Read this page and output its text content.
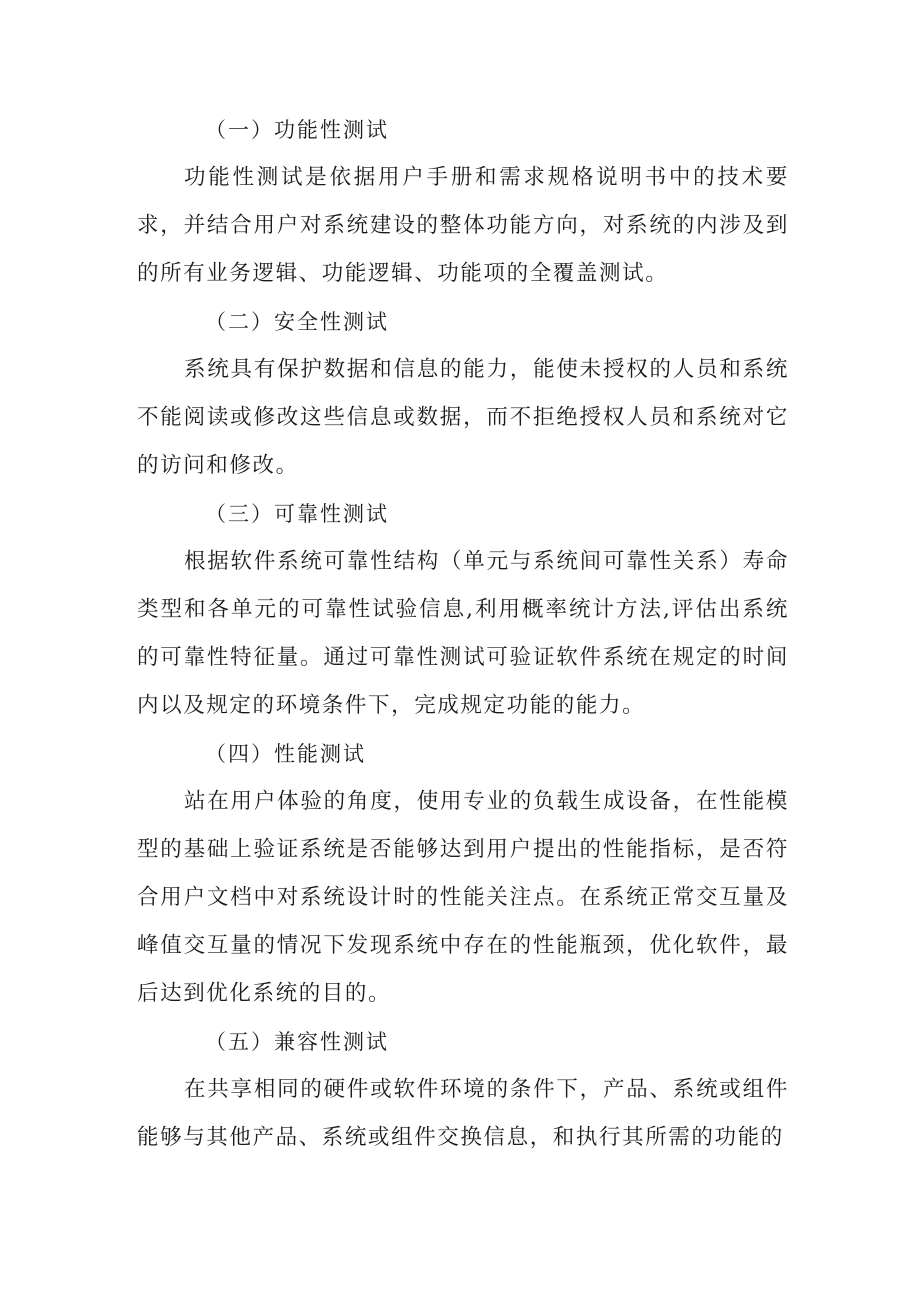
（一）功能性测试

功能性测试是依据用户手册和需求规格说明书中的技术要求，并结合用户对系统建设的整体功能方向，对系统的内涉及到的所有业务逻辑、功能逻辑、功能项的全覆盖测试。

（二）安全性测试

系统具有保护数据和信息的能力，能使未授权的人员和系统不能阅读或修改这些信息或数据，而不拒绝授权人员和系统对它的访问和修改。

（三）可靠性测试

根据软件系统可靠性结构（单元与系统间可靠性关系）寿命类型和各单元的可靠性试验信息,利用概率统计方法,评估出系统的可靠性特征量。通过可靠性测试可验证软件系统在规定的时间内以及规定的环境条件下，完成规定功能的能力。

（四）性能测试

站在用户体验的角度，使用专业的负载生成设备，在性能模型的基础上验证系统是否能够达到用户提出的性能指标，是否符合用户文档中对系统设计时的性能关注点。在系统正常交互量及峰值交互量的情况下发现系统中存在的性能瓶颈，优化软件，最后达到优化系统的目的。

（五）兼容性测试

在共享相同的硬件或软件环境的条件下，产品、系统或组件能够与其他产品、系统或组件交换信息，和执行其所需的功能的
